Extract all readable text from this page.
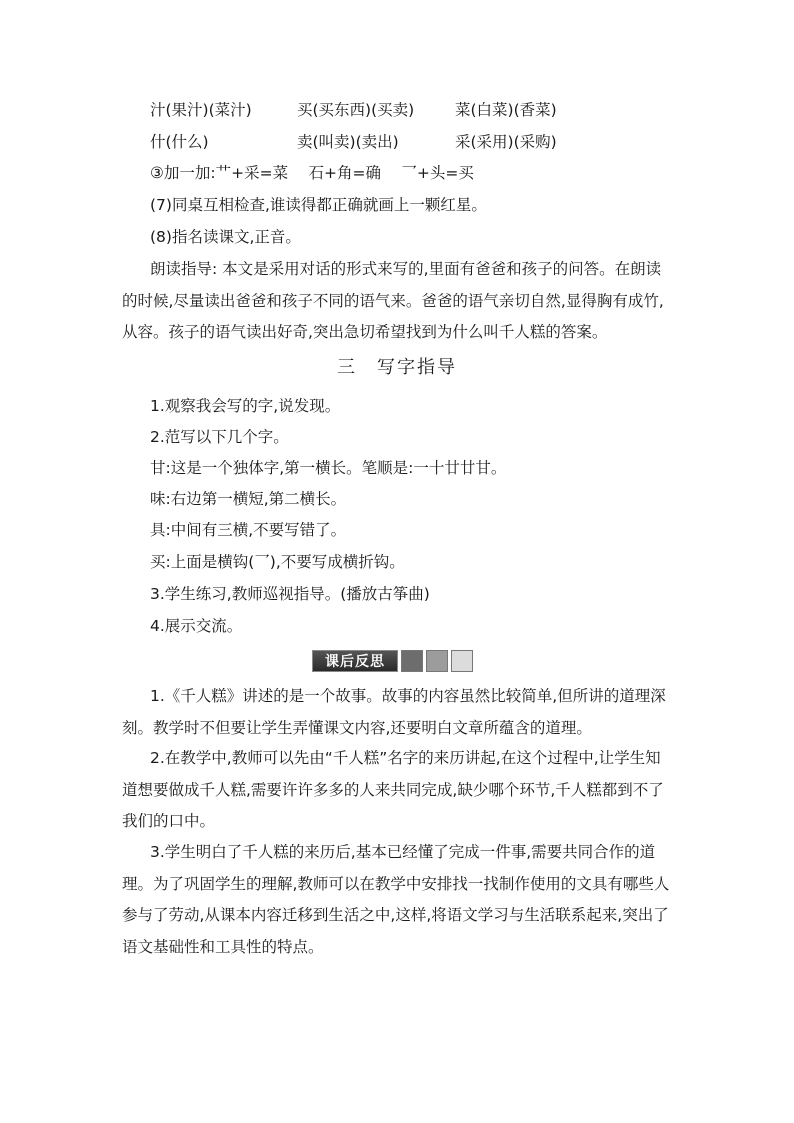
汁(果汁)(菜汁)	买(买东西)(买卖)	菜(白菜)(香菜)
什(什么)	卖(叫卖)(卖出)	采(采用)(采购)
③加一加:艹+采=菜　 石+角=确　 乛+头=买
(7)同桌互相检查,谁读得都正确就画上一颗红星。
(8)指名读课文,正音。

朗读指导: 本文是采用对话的形式来写的,里面有爸爸和孩子的问答。在朗读的时候,尽量读出爸爸和孩子不同的语气来。爸爸的语气亲切自然,显得胸有成竹,从容。孩子的语气读出好奇,突出急切希望找到为什么叫千人糕的答案。

三　写字指导
1.观察我会写的字,说发现。
2.范写以下几个字。
甘:这是一个独体字,第一横长。笔顺是:一十廿廿甘。
味:右边第一横短,第二横长。
具:中间有三横,不要写错了。
买:上面是横钩(乛),不要写成横折钩。
3.学生练习,教师巡视指导。(播放古筝曲)
4.展示交流。
课后反思

1.《千人糕》讲述的是一个故事。故事的内容虽然比较简单,但所讲的道理深刻。教学时不但要让学生弄懂课文内容,还要明白文章所蕴含的道理。

2.在教学中,教师可以先由“千人糕”名字的来历讲起,在这个过程中,让学生知道想要做成千人糕,需要许许多多的人来共同完成,缺少哪个环节,千人糕都到不了我们的口中。

3.学生明白了千人糕的来历后,基本已经懂了完成一件事,需要共同合作的道理。为了巩固学生的理解,教师可以在教学中安排找一找制作使用的文具有哪些人参与了劳动,从课本内容迁移到生活之中,这样,将语文学习与生活联系起来,突出了语文基础性和工具性的特点。
